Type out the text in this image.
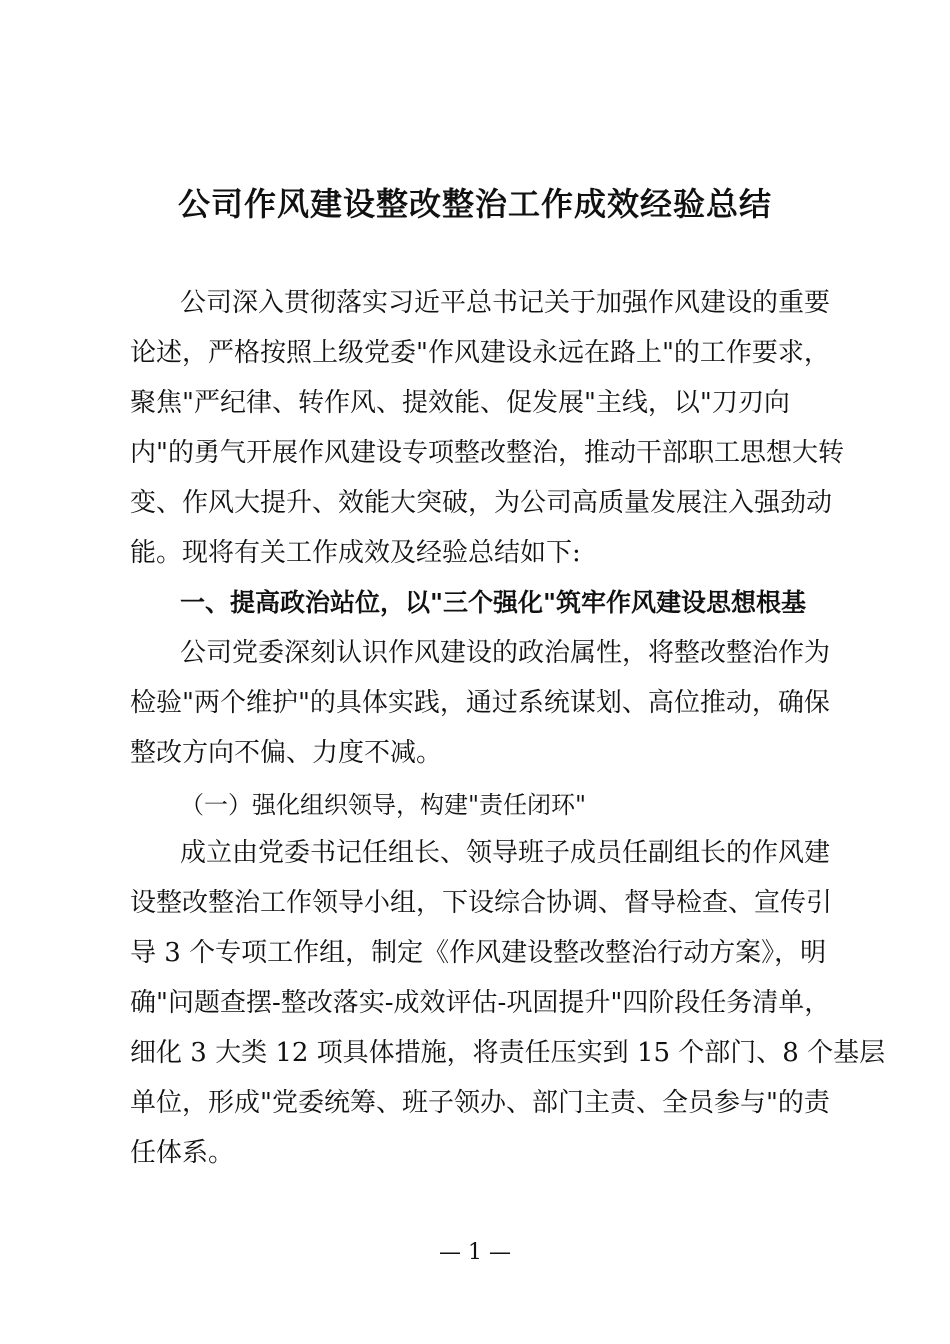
公司作风建设整改整治工作成效经验总结

公司深入贯彻落实习近平总书记关于加强作风建设的重要

论述，严格按照上级党委"作风建设永远在路上"的工作要求，

聚焦"严纪律、转作风、提效能、促发展"主线，以"刀刃向

内"的勇气开展作风建设专项整改整治，推动干部职工思想大转

变、作风大提升、效能大突破，为公司高质量发展注入强劲动

能。现将有关工作成效及经验总结如下:

一、提高政治站位，以"三个强化"筑牢作风建设思想根基

公司党委深刻认识作风建设的政治属性，将整改整治作为

检验"两个维护"的具体实践，通过系统谋划、高位推动，确保

整改方向不偏、力度不减。

（一）强化组织领导，构建"责任闭环"

成立由党委书记任组长、领导班子成员任副组长的作风建

设整改整治工作领导小组，下设综合协调、督导检查、宣传引

导 3 个专项工作组，制定《作风建设整改整治行动方案》，明

确"问题查摆-整改落实-成效评估-巩固提升"四阶段任务清单，

细化 3 大类 12 项具体措施，将责任压实到 15 个部门、8 个基层

单位，形成"党委统筹、班子领办、部门主责、全员参与"的责

任体系。

— 1 —
